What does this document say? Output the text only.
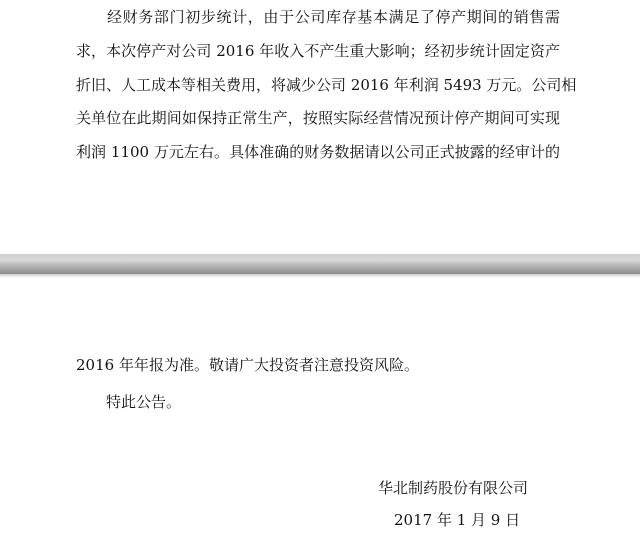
经财务部门初步统计，由于公司库存基本满足了停产期间的销售需
求，本次停产对公司 2016 年收入不产生重大影响；经初步统计固定资产
折旧、人工成本等相关费用，将减少公司 2016 年利润 5493 万元。公司相
关单位在此期间如保持正常生产，按照实际经营情况预计停产期间可实现
利润 1100 万元左右。具体准确的财务数据请以公司正式披露的经审计的
2016 年年报为准。敬请广大投资者注意投资风险。
特此公告。
华北制药股份有限公司
2017 年 1 月 9 日
